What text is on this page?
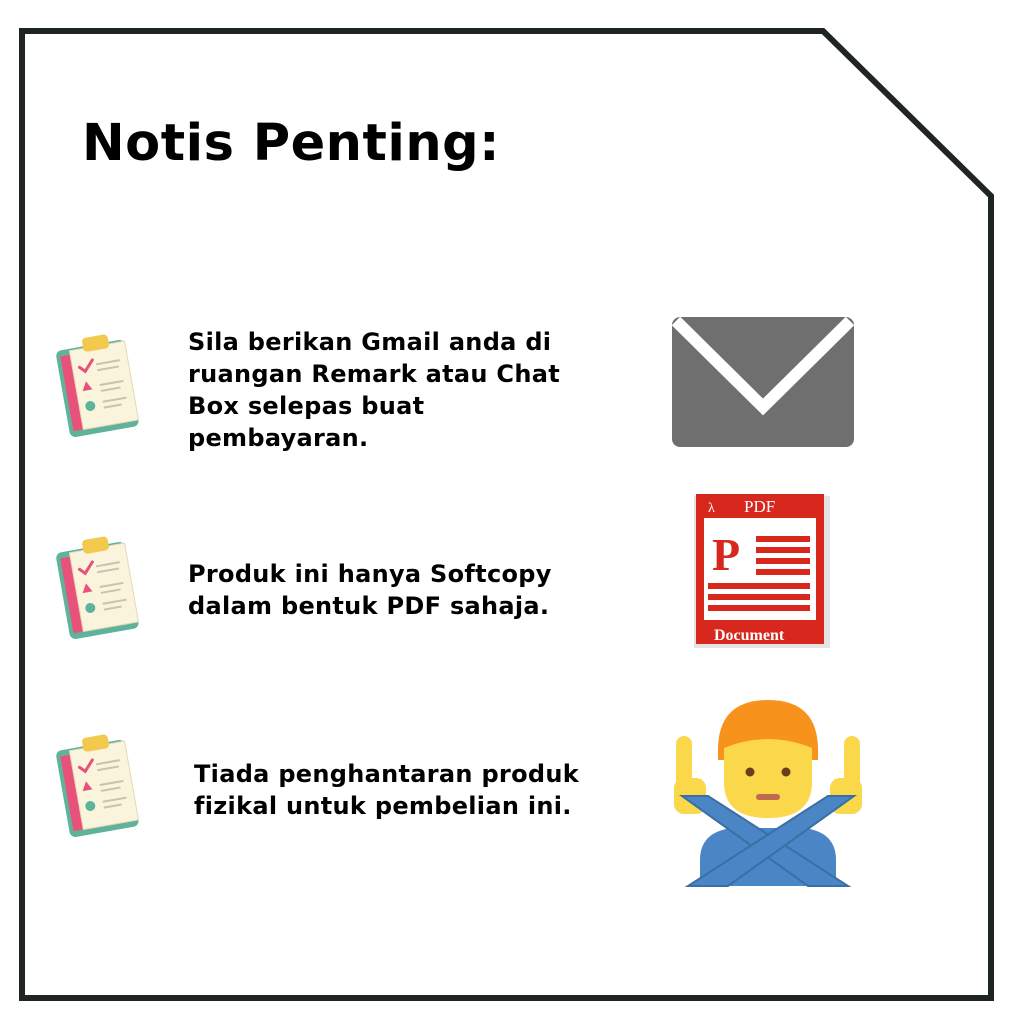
Notis Penting:

Sila berikan Gmail anda di ruangan Remark atau Chat Box selepas buat pembayaran.

Produk ini hanya Softcopy dalam bentuk PDF sahaja.

λ PDF
P
Document

Tiada penghantaran produk fizikal untuk pembelian ini.
